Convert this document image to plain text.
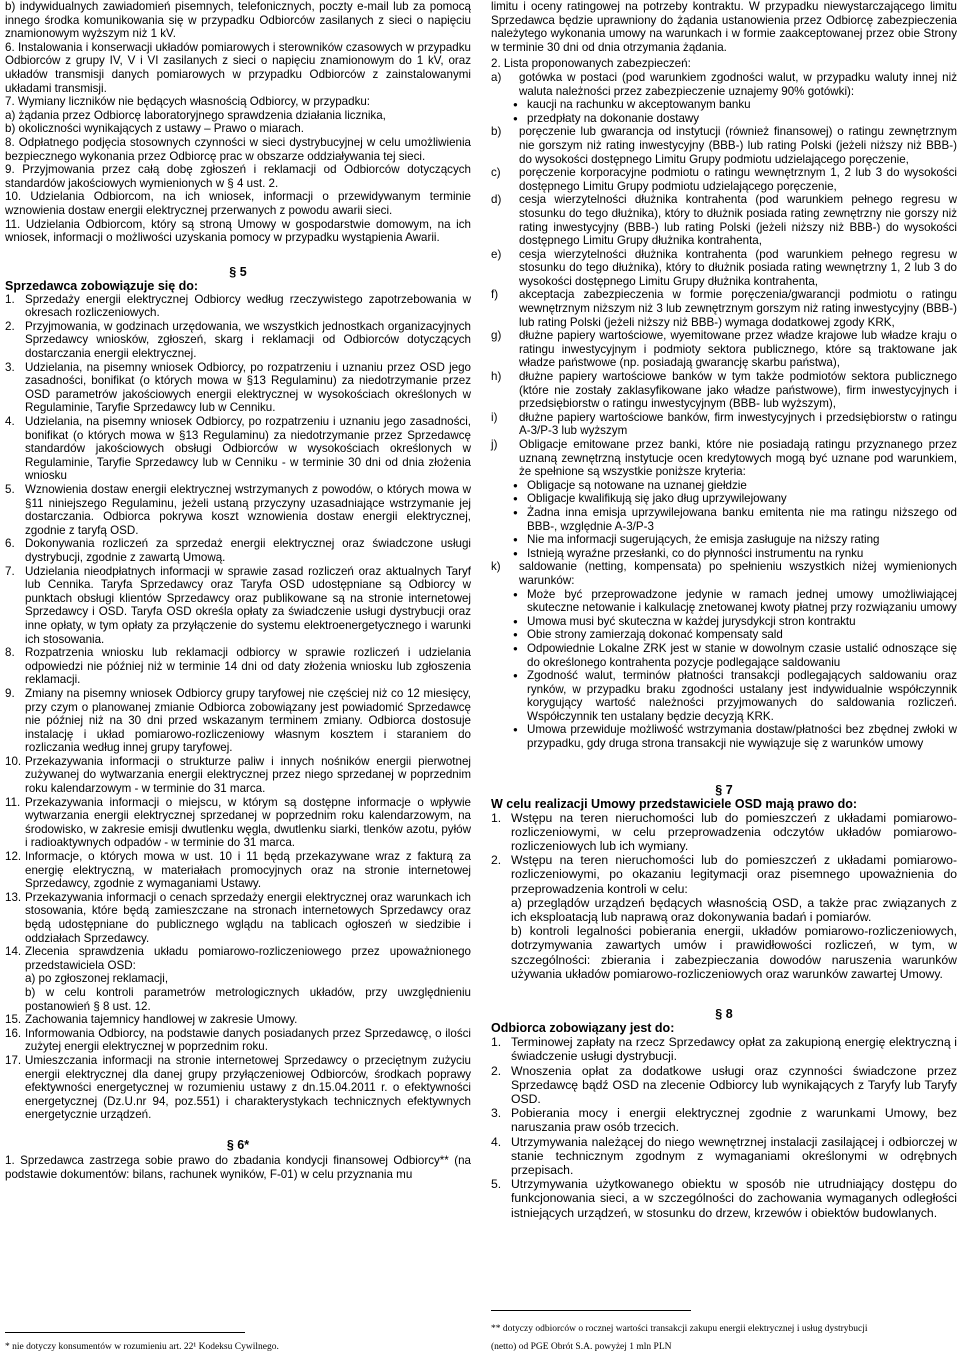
b) indywidualnych zawiadomień pisemnych, telefonicznych, poczty e-mail lub za pomocą innego środka komunikowania się w przypadku Odbiorców zasilanych z sieci o napięciu znamionowym wyższym niż 1 kV.

6. Instalowania i konserwacji układów pomiarowych i sterowników czasowych w przypadku Odbiorców z grupy IV, V i VI zasilanych z sieci o napięciu znamionowym do 1 kV, oraz układów transmisji danych pomiarowych w przypadku Odbiorców z zainstalowanymi układami transmisji.

7. Wymiany liczników nie będących własnością Odbiorcy, w przypadku:

a) żądania przez Odbiorcę laboratoryjnego sprawdzenia działania licznika,

b) okoliczności wynikających z ustawy – Prawo o miarach.

8. Odpłatnego podjęcia stosownych czynności w sieci dystrybucyjnej w celu umożliwienia bezpiecznego wykonania przez Odbiorcę prac w obszarze oddziaływania tej sieci.

9. Przyjmowania przez całą dobę zgłoszeń i reklamacji od Odbiorców dotyczących standardów jakościowych wymienionych w § 4 ust. 2.

10. Udzielania Odbiorcom, na ich wniosek, informacji o przewidywanym terminie wznowienia dostaw energii elektrycznej przerwanych z powodu awarii sieci.

11. Udzielania Odbiorcom, który są stroną Umowy w gospodarstwie domowym, na ich wniosek, informacji o możliwości uzyskania pomocy w przypadku wystąpienia Awarii.

§ 5
Sprzedawca zobowiązuje się do:
1. Sprzedaży energii elektrycznej Odbiorcy według rzeczywistego zapotrzebowania w okresach rozliczeniowych.
2. Przyjmowania, w godzinach urzędowania, we wszystkich jednostkach organizacyjnych Sprzedawcy wniosków, zgłoszeń, skarg i reklamacji od Odbiorców dotyczących dostarczania energii elektrycznej.
3. Udzielania, na pisemny wniosek Odbiorcy, po rozpatrzeniu i uznaniu przez OSD jego zasadności, bonifikat (o których mowa w §13 Regulaminu) za niedotrzymanie przez OSD parametrów jakościowych energii elektrycznej w wysokościach określonych w Regulaminie, Taryfie Sprzedawcy lub w Cenniku.
4. Udzielania, na pisemny wniosek Odbiorcy, po rozpatrzeniu i uznaniu jego zasadności, bonifikat (o których mowa w §13 Regulaminu) za niedotrzymanie przez Sprzedawcę standardów jakościowych obsługi Odbiorców w wysokościach określonych w Regulaminie, Taryfie Sprzedawcy lub w Cenniku - w terminie 30 dni od dnia złożenia wniosku
5. Wznowienia dostaw energii elektrycznej wstrzymanych z powodów, o których mowa w §11 niniejszego Regulaminu, jeżeli ustaną przyczyny uzasadniające wstrzymanie jej dostarczania. Odbiorca pokrywa koszt wznowienia dostaw energii elektrycznej, zgodnie z taryfą OSD.
6. Dokonywania rozliczeń za sprzedaż energii elektrycznej oraz świadczone usługi dystrybucji, zgodnie z zawartą Umową.
7. Udzielania nieodpłatnych informacji w sprawie zasad rozliczeń oraz aktualnych Taryf lub Cennika. Taryfa Sprzedawcy oraz Taryfa OSD udostępniane są Odbiorcy w punktach obsługi klientów Sprzedawcy oraz publikowane są na stronie internetowej Sprzedawcy i OSD. Taryfa OSD określa opłaty za świadczenie usługi dystrybucji oraz inne opłaty, w tym opłaty za przyłączenie do systemu elektroenergetycznego i warunki ich stosowania.
8. Rozpatrzenia wniosku lub reklamacji odbiorcy w sprawie rozliczeń i udzielania odpowiedzi nie później niż w terminie 14 dni od daty złożenia wniosku lub zgłoszenia reklamacji.
9. Zmiany na pisemny wniosek Odbiorcy grupy taryfowej nie częściej niż co 12 miesięcy, przy czym o planowanej zmianie Odbiorca zobowiązany jest powiadomić Sprzedawcę nie później niż na 30 dni przed wskazanym terminem zmiany. Odbiorca dostosuje instalację i układ pomiarowo-rozliczeniowy własnym kosztem i staraniem do rozliczania według innej grupy taryfowej.
10. Przekazywania informacji o strukturze paliw i innych nośników energii pierwotnej zużywanej do wytwarzania energii elektrycznej przez niego sprzedanej w poprzednim roku kalendarzowym - w terminie do 31 marca.
11. Przekazywania informacji o miejscu, w którym są dostępne informacje o wpływie wytwarzania energii elektrycznej sprzedanej w poprzednim roku kalendarzowym, na środowisko, w zakresie emisji dwutlenku węgla, dwutlenku siarki, tlenków azotu, pyłów i radioaktywnych odpadów - w terminie do 31 marca.
12. Informacje, o których mowa w ust. 10 i 11 będą przekazywane wraz z fakturą za energię elektryczną, w materiałach promocyjnych oraz na stronie internetowej Sprzedawcy, zgodnie z wymaganiami Ustawy.
13. Przekazywania informacji o cenach sprzedaży energii elektrycznej oraz warunkach ich stosowania, które będą zamieszczane na stronach internetowych Sprzedawcy oraz będą udostępniane do publicznego wglądu na tablicach ogłoszeń w siedzibie i oddziałach Sprzedawcy.
14. Zlecenia sprawdzenia układu pomiarowo-rozliczeniowego przez upoważnionego przedstawiciela OSD:
a) po zgłoszonej reklamacji,
b) w celu kontroli parametrów metrologicznych układów, przy uwzględnieniu postanowień § 8 ust. 12.
15. Zachowania tajemnicy handlowej w zakresie Umowy.
16. Informowania Odbiorcy, na podstawie danych posiadanych przez Sprzedawcę, o ilości zużytej energii elektrycznej w poprzednim roku.
17. Umieszczania informacji na stronie internetowej Sprzedawcy o przeciętnym zużyciu energii elektrycznej dla danej grupy przyłączeniowej Odbiorców, środkach poprawy efektywności energetycznej w rozumieniu ustawy z dn.15.04.2011 r. o efektywności energetycznej (Dz.U.nr 94, poz.551) i charakterystykach technicznych efektywnych energetycznie urządzeń.
§ 6*

1. Sprzedawca zastrzega sobie prawo do zbadania kondycji finansowej Odbiorcy** (na podstawie dokumentów: bilans, rachunek wyników, F-01) w celu przyznania mu

limitu i oceny ratingowej na potrzeby kontraktu. W przypadku niewystarczającego limitu Sprzedawca będzie uprawniony do żądania ustanowienia przez Odbiorcę zabezpieczenia należytego wykonania umowy na warunkach i w formie zaakceptowanej przez obie Strony w terminie 30 dni od dnia otrzymania żądania.

2. Lista proponowanych zabezpieczeń:

a)	gotówka w postaci (pod warunkiem zgodności walut, w przypadku waluty innej niż waluta należności przez zabezpieczenie uznajemy 90% gotówki):
● kaucji na rachunku w akceptowanym banku
● przedpłaty na dokonanie dostawy
b)	poręczenie lub gwarancja od instytucji (również finansowej) o ratingu zewnętrznym nie gorszym niż rating inwestycyjny (BBB-) lub rating Polski (jeżeli niższy niż BBB-) do wysokości dostępnego Limitu Grupy podmiotu udzielającego poręczenie,
c)	poręczenie korporacyjne podmiotu o ratingu wewnętrznym 1, 2 lub 3 do wysokości dostępnego Limitu Grupy podmiotu udzielającego poręczenie,
d)	cesja wierzytelności dłużnika kontrahenta (pod warunkiem pełnego regresu w stosunku do tego dłużnika), który to dłużnik posiada rating zewnętrzny nie gorszy niż rating inwestycyjny (BBB-) lub rating Polski (jeżeli niższy niż BBB-) do wysokości dostępnego Limitu Grupy dłużnika kontrahenta,
e)	cesja wierzytelności dłużnika kontrahenta (pod warunkiem pełnego regresu w stosunku do tego dłużnika), który to dłużnik posiada rating wewnętrzny 1, 2 lub 3 do wysokości dostępnego Limitu Grupy dłużnika kontrahenta,
f)	akceptacja zabezpieczenia w formie poręczenia/gwarancji podmiotu o ratingu wewnętrznym niższym niż 3 lub zewnętrznym gorszym niż rating inwestycyjny (BBB-) lub rating Polski (jeżeli niższy niż BBB-) wymaga dodatkowej zgody KRK,
g)	dłużne papiery wartościowe, wyemitowane przez władze krajowe lub władze kraju o ratingu inwestycyjnym i podmioty sektora publicznego, które są traktowane jak władze państwowe (np. posiadają gwarancję skarbu państwa),
h)	dłużne papiery wartościowe banków w tym także podmiotów sektora publicznego (które nie zostały zaklasyfikowane jako władze państwowe), firm inwestycyjnych i przedsiębiorstw o ratingu inwestycyjnym (BBB- lub wyższym),
i)	dłużne papiery wartościowe banków, firm inwestycyjnych i przedsiębiorstw o ratingu A-3/P-3 lub wyższym
j)	Obligacje emitowane przez banki, które nie posiadają ratingu przyznanego przez uznaną zewnętrzną instytucje ocen kredytowych mogą być uznane pod warunkiem, że spełnione są wszystkie poniższe kryteria:
● Obligacje są notowane na uznanej giełdzie
● Obligacje kwalifikują się jako dług uprzywilejowany
● Żadna inna emisja uprzywilejowana banku emitenta nie ma ratingu niższego od BBB-, względnie A-3/P-3
● Nie ma informacji sugerujących, że emisja zasługuje na niższy rating
● Istnieją wyraźne przesłanki, co do płynności instrumentu na rynku
k)	saldowanie (netting, kompensata) po spełnieniu wszystkich niżej wymienionych warunków:
● Może być przeprowadzone jedynie w ramach jednej umowy umożliwiającej skuteczne netowanie i kalkulację znetowanej kwoty płatnej przy rozwiązaniu umowy
● Umowa musi być skuteczna w każdej jurysdykcji stron kontraktu
● Obie strony zamierzają dokonać kompensaty sald
● Odpowiednie Lokalne ZRK jest w stanie w dowolnym czasie ustalić odnoszące się do określonego kontrahenta pozycje podlegające saldowaniu
● Zgodność walut, terminów płatności transakcji podlegających saldowaniu oraz rynków, w przypadku braku zgodności ustalany jest indywidualnie współczynnik korygujący wartość należności przyjmowanych do saldowania rozliczeń. Współczynnik ten ustalany będzie decyzją KRK.
● Umowa przewiduje możliwość wstrzymania dostaw/płatności bez zbędnej zwłoki w przypadku, gdy druga strona transakcji nie wywiązuje się z warunków umowy
§ 7
W celu realizacji Umowy przedstawiciele OSD mają prawo do:
1. Wstępu na teren nieruchomości lub do pomieszczeń z układami pomiarowo-rozliczeniowymi, w celu przeprowadzenia odczytów układów pomiarowo-rozliczeniowych lub ich wymiany.
2. Wstępu na teren nieruchomości lub do pomieszczeń z układami pomiarowo-rozliczeniowymi, po okazaniu legitymacji oraz pisemnego upoważnienia do przeprowadzenia kontroli w celu:
a) przeglądów urządzeń będących własnością OSD, a także prac związanych z ich eksploatacją lub naprawą oraz dokonywania badań i pomiarów.
b) kontroli legalności pobierania energii, układów pomiarowo-rozliczeniowych, dotrzymywania zawartych umów i prawidłowości rozliczeń, w tym, w szczególności: zbierania i zabezpieczania dowodów naruszenia warunków używania układów pomiarowo-rozliczeniowych oraz warunków zawartej Umowy.
§ 8
Odbiorca zobowiązany jest do:
1. Terminowej zapłaty na rzecz Sprzedawcy opłat za zakupioną energię elektryczną i świadczenie usługi dystrybucji.
2. Wnoszenia opłat za dodatkowe usługi oraz czynności świadczone przez Sprzedawcę bądź OSD na zlecenie Odbiorcy lub wynikających z Taryfy lub Taryfy OSD.
3. Pobierania mocy i energii elektrycznej zgodnie z warunkami Umowy, bez naruszania praw osób trzecich.
4. Utrzymywania należącej do niego wewnętrznej instalacji zasilającej i odbiorczej w stanie technicznym zgodnym z wymaganiami określonymi w odrębnych przepisach.
5. Utrzymywania użytkowanego obiektu w sposób nie utrudniający dostępu do funkcjonowania sieci, a w szczególności do zachowania wymaganych odległości istniejących urządzeń, w stosunku do drzew, krzewów i obiektów budowlanych.
* nie dotyczy konsumentów w rozumieniu art. 22¹ Kodeksu Cywilnego.
** dotyczy odbiorców o rocznej wartości transakcji zakupu energii elektrycznej i usług dystrybucji
(netto) od PGE Obrót S.A. powyżej 1 mln PLN
